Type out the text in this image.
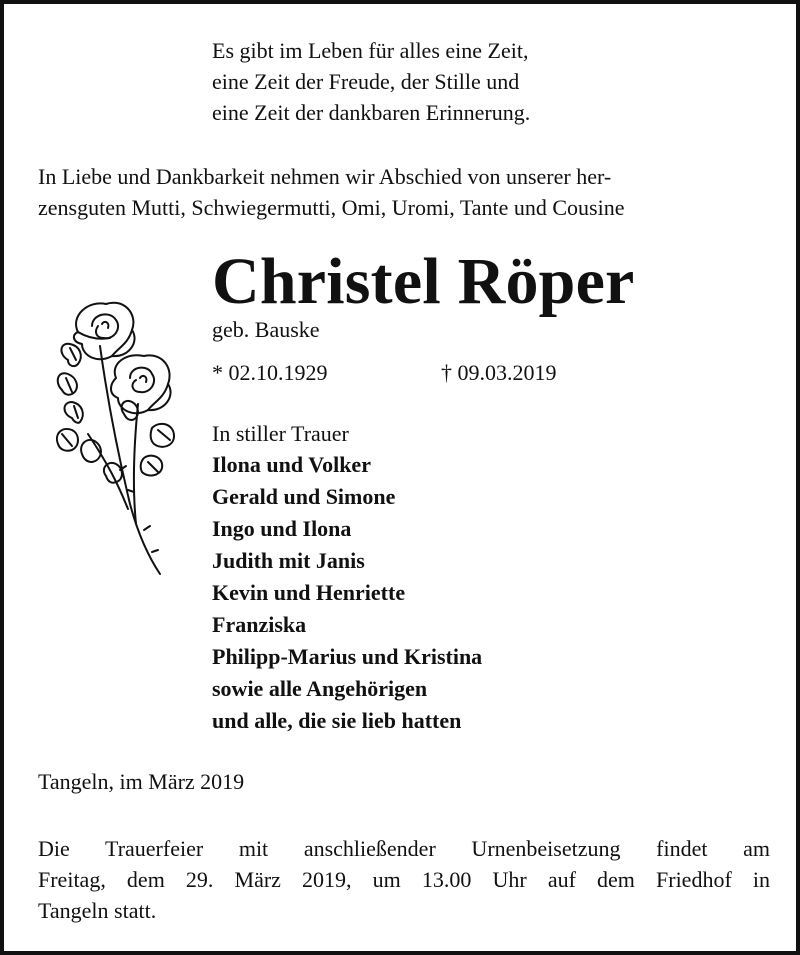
Es gibt im Leben für alles eine Zeit,
eine Zeit der Freude, der Stille und
eine Zeit der dankbaren Erinnerung.
In Liebe und Dankbarkeit nehmen wir Abschied von unserer her-
zensguten Mutti, Schwiegermutti, Omi, Uromi, Tante und Cousine
Christel Röper
geb. Bauske
* 02.10.1929	† 09.03.2019
In stiller Trauer
Ilona und Volker
Gerald und Simone
Ingo und Ilona
Judith mit Janis
Kevin und Henriette
Franziska
Philipp-Marius und Kristina
sowie alle Angehörigen
und alle, die sie lieb hatten
Tangeln, im März 2019
Die Trauerfeier mit anschließender Urnenbeisetzung findet am
Freitag, dem 29. März 2019, um 13.00 Uhr auf dem Friedhof in
Tangeln statt.
